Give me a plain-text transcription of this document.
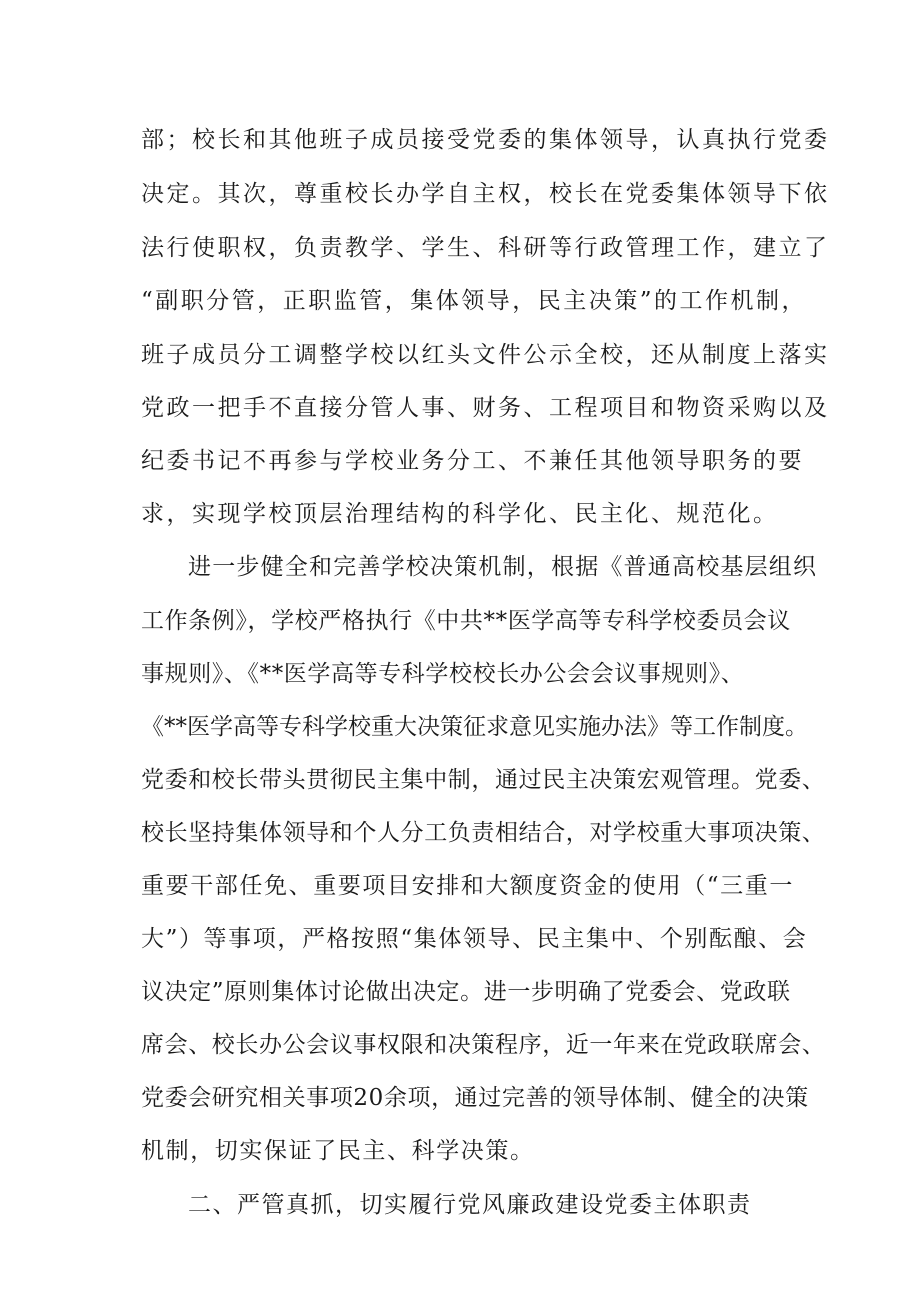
部；校长和其他班子成员接受党委的集体领导，认真执行党委
决定。其次，尊重校长办学自主权，校长在党委集体领导下依
法行使职权，负责教学、学生、科研等行政管理工作，建立了
“副职分管，正职监管，集体领导，民主决策”的工作机制，
班子成员分工调整学校以红头文件公示全校，还从制度上落实
党政一把手不直接分管人事、财务、工程项目和物资采购以及
纪委书记不再参与学校业务分工、不兼任其他领导职务的要
求，实现学校顶层治理结构的科学化、民主化、规范化。
进一步健全和完善学校决策机制，根据《普通高校基层组织
工作条例》，学校严格执行《中共**医学高等专科学校委员会议
事规则》、《**医学高等专科学校校长办公会会议事规则》、
《**医学高等专科学校重大决策征求意见实施办法》等工作制度。
党委和校长带头贯彻民主集中制，通过民主决策宏观管理。党委、
校长坚持集体领导和个人分工负责相结合，对学校重大事项决策、
重要干部任免、重要项目安排和大额度资金的使用（“三重一
大”）等事项，严格按照“集体领导、民主集中、个别酝酿、会
议决定”原则集体讨论做出决定。进一步明确了党委会、党政联
席会、校长办公会议事权限和决策程序，近一年来在党政联席会、
党委会研究相关事项20余项，通过完善的领导体制、健全的决策
机制，切实保证了民主、科学决策。
二、严管真抓，切实履行党风廉政建设党委主体职责
